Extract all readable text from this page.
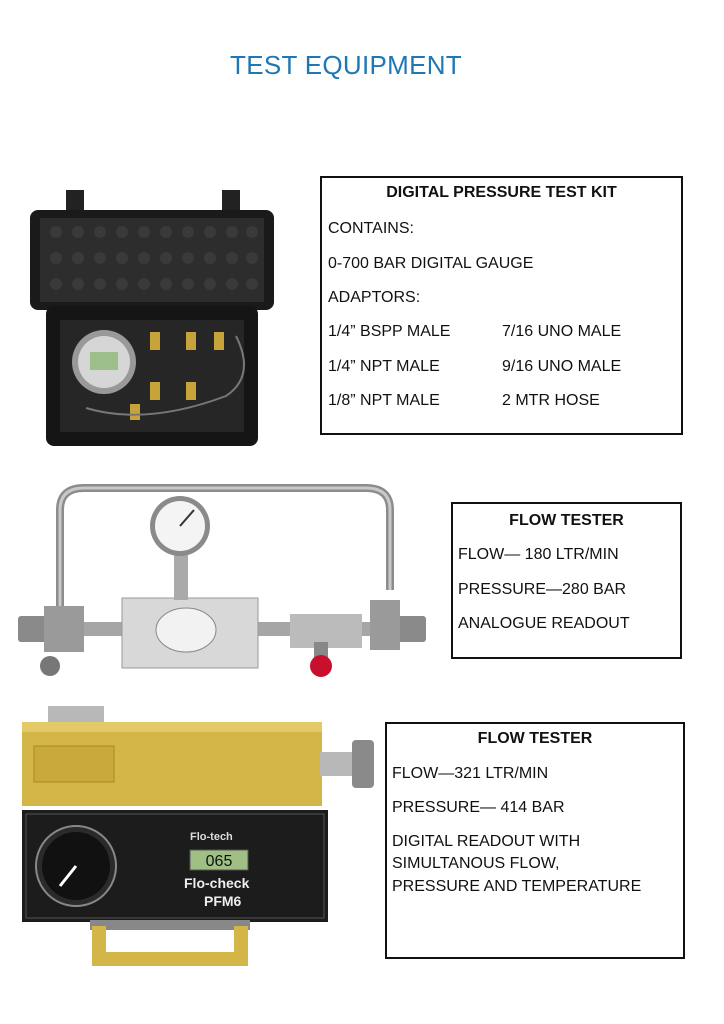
TEST EQUIPMENT
DIGITAL PRESSURE TEST KIT
CONTAINS:
0-700 BAR DIGITAL GAUGE
ADAPTORS:
1/4” BSPP MALE	7/16 UNO MALE
1/4” NPT MALE	9/16 UNO MALE
1/8” NPT MALE	2 MTR HOSE
FLOW TESTER
FLOW— 180 LTR/MIN
PRESSURE—280 BAR
ANALOGUE READOUT
065
Flo-tech
Flo-check
PFM6
FLOW TESTER
FLOW—321 LTR/MIN
PRESSURE— 414 BAR
DIGITAL READOUT WITH
SIMULTANOUS FLOW,
PRESSURE AND TEMPERATURE
